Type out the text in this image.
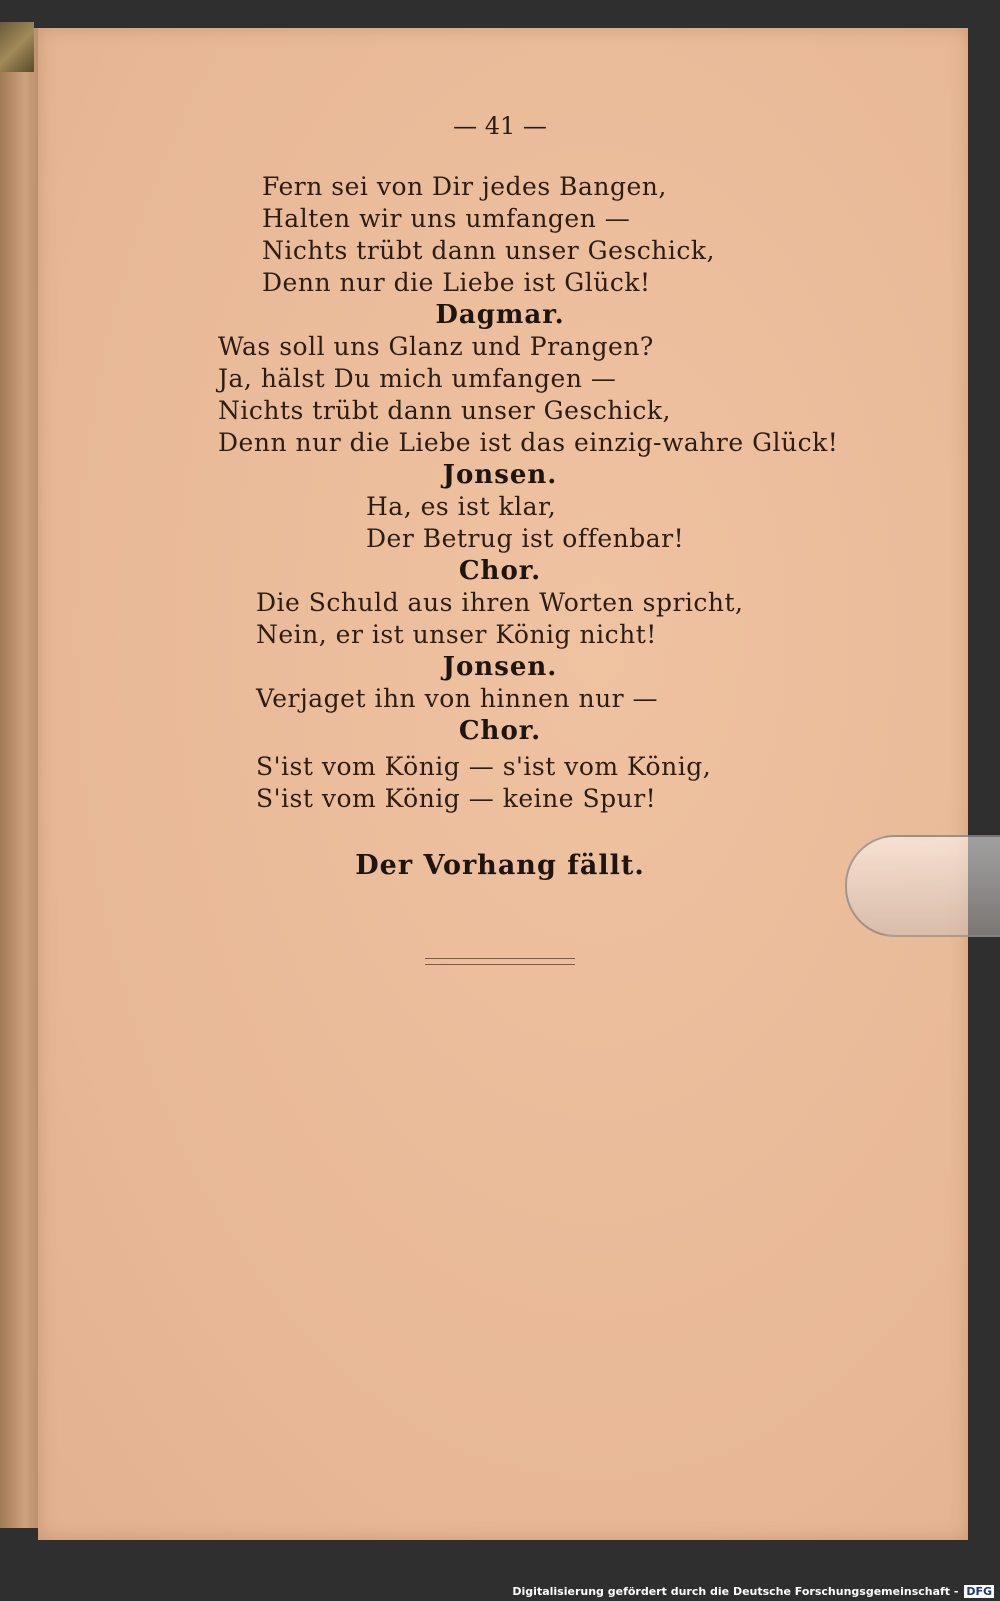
— 41 —
Fern sei von Dir jedes Bangen,
Halten wir uns umfangen —
Nichts trübt dann unser Geschick,
Denn nur die Liebe ist Glück!
Dagmar.
Was soll uns Glanz und Prangen?
Ja, hälst Du mich umfangen —
Nichts trübt dann unser Geschick,
Denn nur die Liebe ist das einzig-wahre Glück!
Jonsen.
Ha, es ist klar,
Der Betrug ist offenbar!
Chor.
Die Schuld aus ihren Worten spricht,
Nein, er ist unser König nicht!
Jonsen.
Verjaget ihn von hinnen nur —
Chor.
S'ist vom König — s'ist vom König,
S'ist vom König — keine Spur!
Der Vorhang fällt.
Digitalisierung gefördert durch die Deutsche Forschungsgemeinschaft - DFG
